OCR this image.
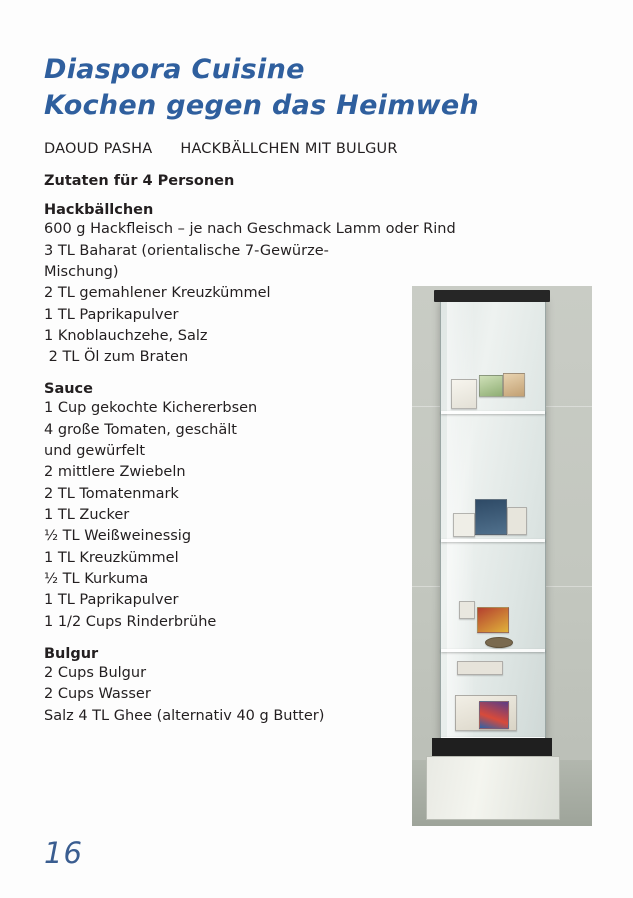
Diaspora Cuisine
Kochen gegen das Heimweh
DAOUD PASHA HACKBÄLLCHEN MIT BULGUR
Zutaten für 4 Personen
Hackbällchen
600 g Hackfleisch – je nach Geschmack Lamm oder Rind
3 TL Baharat (orientalische 7-Gewürze-
Mischung)
2 TL gemahlener Kreuzkümmel
1 TL Paprikapulver
1 Knoblauchzehe, Salz
2 TL Öl zum Braten
Sauce
1 Cup gekochte Kichererbsen
4 große Tomaten, geschält
und gewürfelt
2 mittlere Zwiebeln
2 TL Tomatenmark
1 TL Zucker
½ TL Weißweinessig
1 TL Kreuzkümmel
½ TL Kurkuma
1 TL Paprikapulver
1 1/2 Cups Rinderbrühe
Bulgur
2 Cups Bulgur
2 Cups Wasser
Salz 4 TL Ghee (alternativ 40 g Butter)
16
